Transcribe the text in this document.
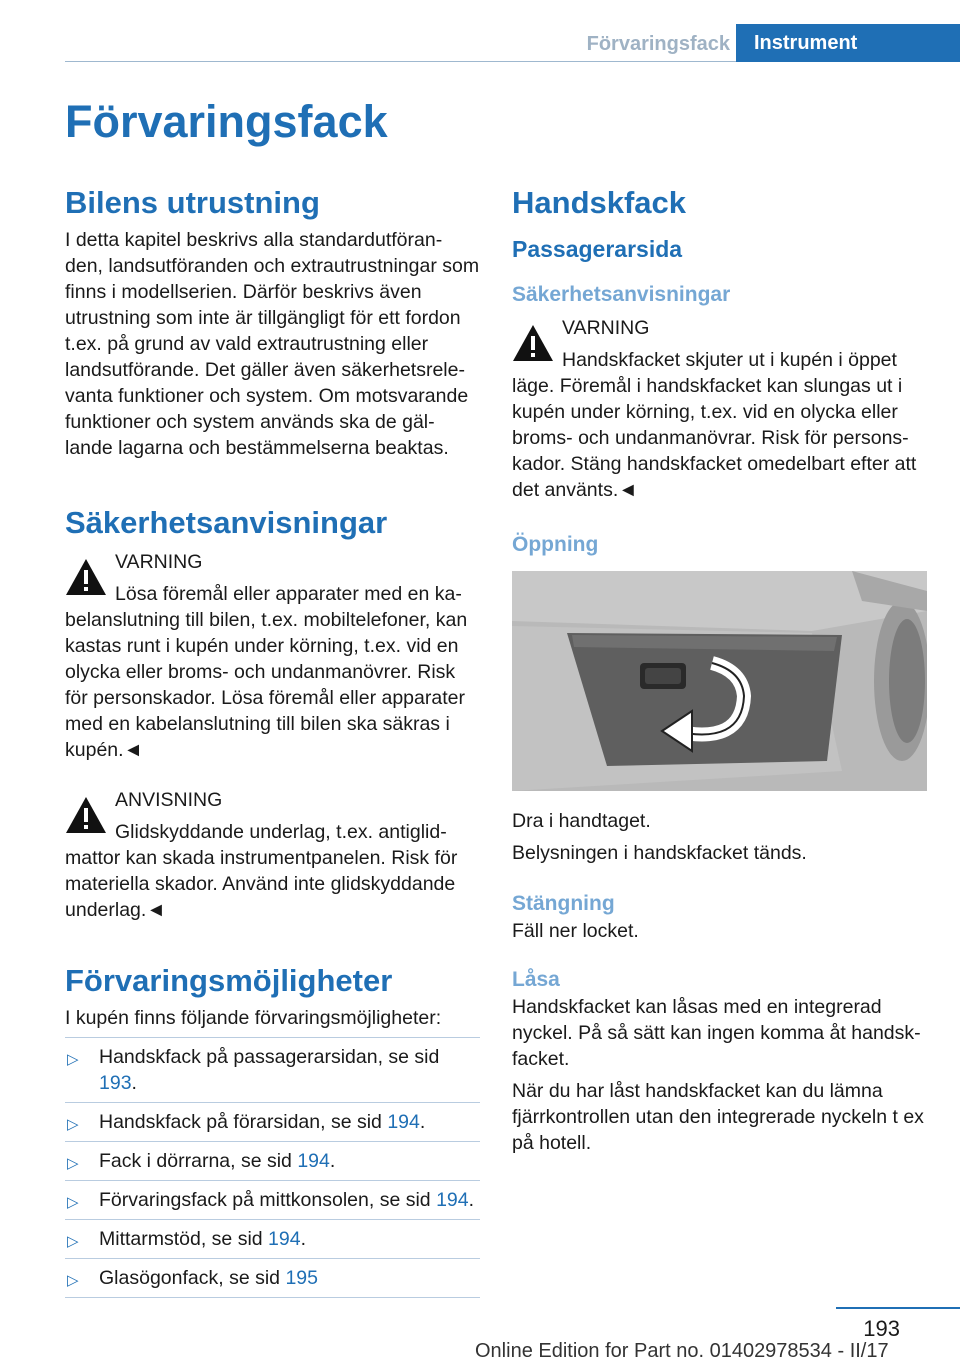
Förvaringsfack	Instrument
Förvaringsfack
Bilens utrustning

I detta kapitel beskrivs alla standardutföran-den, landsutföranden och extrautrustningar som finns i modellserien. Därför beskrivs även utrustning som inte är tillgängligt för ett fordon t.ex. på grund av vald extrautrustning eller landsutförande. Det gäller även säkerhetsrele-vanta funktioner och system. Om motsvarande funktioner och system används ska de gäl-lande lagarna och bestämmelserna beaktas.

Säkerhetsanvisningar

VARNING

Lösa föremål eller apparater med en ka-

belanslutning till bilen, t.ex. mobiltelefoner, kan kastas runt i kupén under körning, t.ex. vid en olycka eller broms- och undanmanövrer. Risk för personskador. Lösa föremål eller apparater med en kabelanslutning till bilen ska säkras i kupén.◄

ANVISNING

Glidskyddande underlag, t.ex. antiglid-

mattor kan skada instrumentpanelen. Risk för materiella skador. Använd inte glidskyddande underlag.◄

Förvaringsmöjligheter

I kupén finns följande förvaringsmöjligheter:

▷ Handskfack på passagerarsidan, se sid 193.
▷ Handskfack på förarsidan, se sid 194.
▷ Fack i dörrarna, se sid 194.
▷ Förvaringsfack på mittkonsolen, se sid 194.
▷ Mittarmstöd, se sid 194.
▷ Glasögonfack, se sid 195
Handskfack
Passagerarsida
Säkerhetsanvisningar

VARNING

Handskfacket skjuter ut i kupén i öppet

läge. Föremål i handskfacket kan slungas ut i kupén under körning, t.ex. vid en olycka eller broms- och undanmanövrar. Risk för persons-kador. Stäng handskfacket omedelbart efter att det använts.◄

Öppning

Dra i handtaget.

Belysningen i handskfacket tänds.

Stängning

Fäll ner locket.

Låsa

Handskfacket kan låsas med en integrerad nyckel. På så sätt kan ingen komma åt handsk-facket.

När du har låst handskfacket kan du lämna fjärrkontrollen utan den integrerade nyckeln t ex på hotell.

193
Online Edition for Part no. 01402978534 - II/17
